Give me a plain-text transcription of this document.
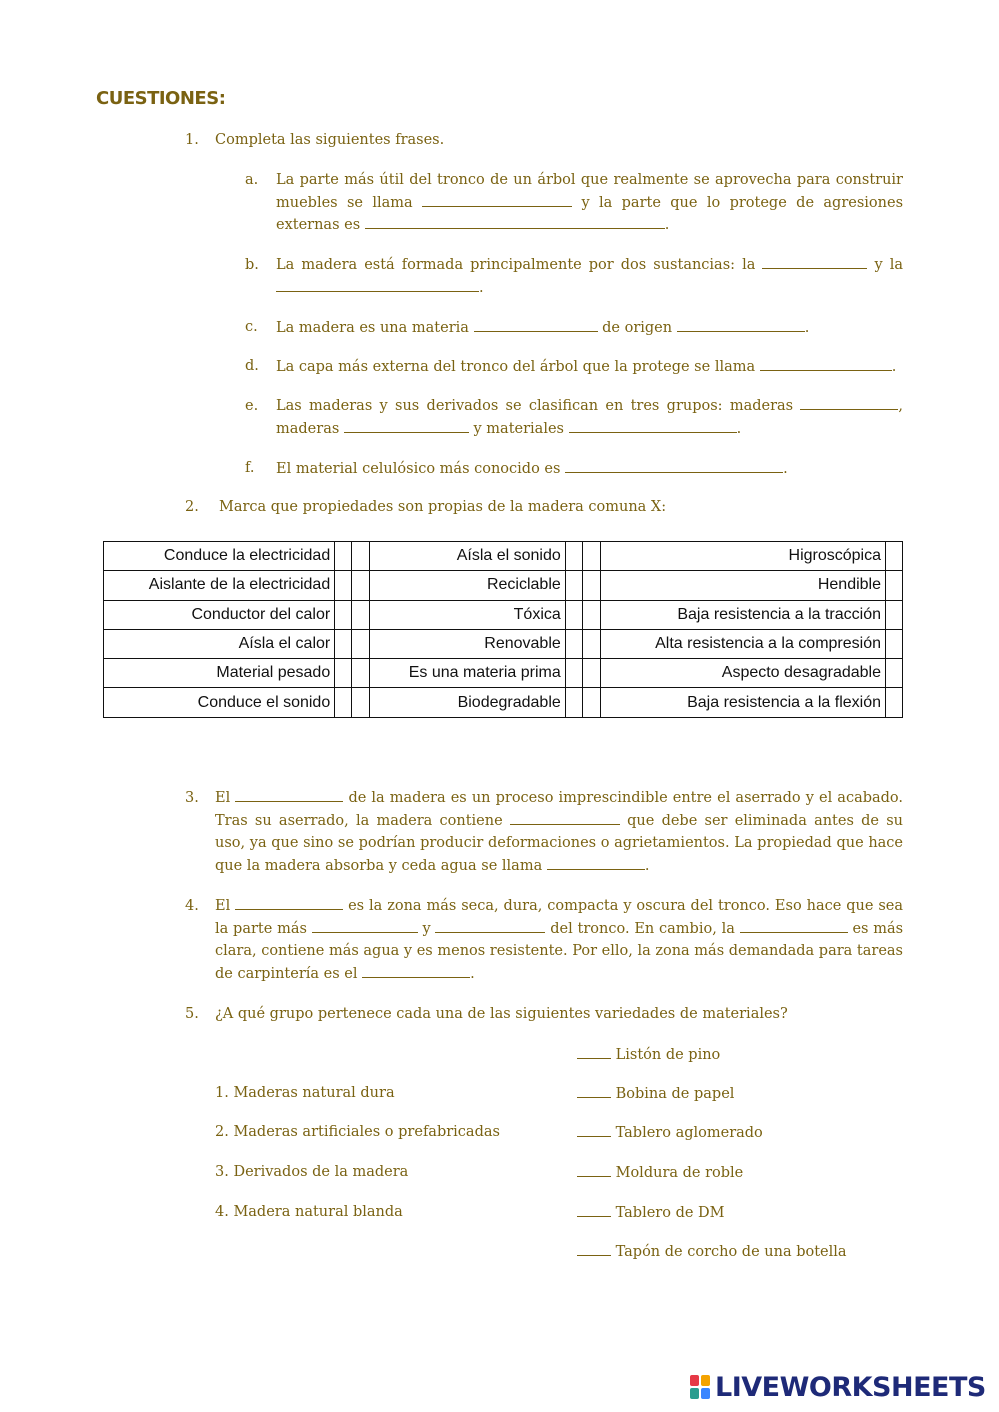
CUESTIONES:
1. Completa las siguientes frases.
a. La parte más útil del tronco de un árbol que realmente se aprovecha para construir muebles se llama	y la parte que lo protege de agresiones externas es	.
b. La madera está formada principalmente por dos sustancias: la	y la .
c. La madera es una materia	de origen	.
d. La capa más externa del tronco del árbol que la protege se llama	.
e. Las maderas y sus derivados se clasifican en tres grupos: maderas	, maderas	y materiales	.
f. El material celulósico más conocido es	.
2. Marca que propiedades son propias de la madera comuna X:
Conduce la electricidad			Aísla el sonido			Higroscópica	
Aislante de la electricidad			Reciclable			Hendible	
Conductor del calor			Tóxica			Baja resistencia a la tracción	
Aísla el calor			Renovable			Alta resistencia a la compresión	
Material pesado			Es una materia prima			Aspecto desagradable	
Conduce el sonido			Biodegradable			Baja resistencia a la flexión	
3. El	de la madera es un proceso imprescindible entre el aserrado y el acabado. Tras su aserrado, la madera contiene	que debe ser eliminada antes de su uso, ya que sino se podrían producir deformaciones o agrietamientos. La propiedad que hace que la madera absorba y ceda agua se llama	.
4. El	es la zona más seca, dura, compacta y oscura del tronco. Eso hace que sea la parte más	y	del tronco. En cambio, la	es más clara, contiene más agua y es menos resistente. Por ello, la zona más demandada para tareas de carpintería es el	.
5. ¿A qué grupo pertenece cada una de las siguientes variedades de materiales?
1. Maderas natural dura
2. Maderas artificiales o prefabricadas
3. Derivados de la madera
4. Madera natural blanda
Listón de pino
Bobina de papel
Tablero aglomerado
Moldura de roble
Tablero de DM
Tapón de corcho de una botella
LIVEWORKSHEETS
